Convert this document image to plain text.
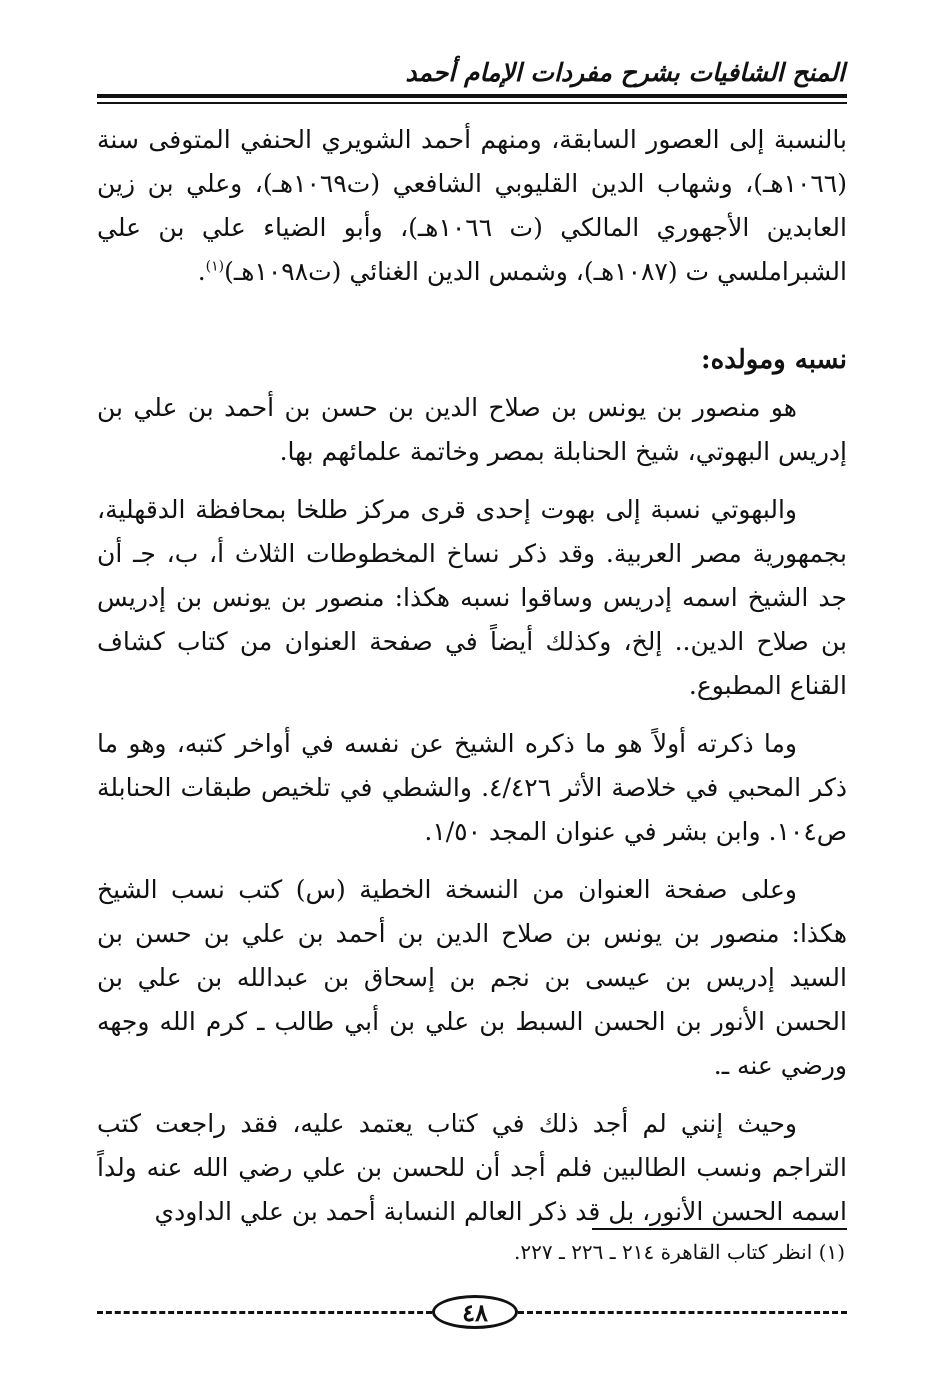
المنح الشافيات بشرح مفردات الإمام أحمد

بالنسبة إلى العصور السابقة، ومنهم أحمد الشويري الحنفي المتوفى سنة (١٠٦٦هـ)، وشهاب الدين القليوبي الشافعي (ت١٠٦٩هـ)، وعلي بن زين العابدين الأجهوري المالكي (ت ١٠٦٦هـ)، وأبو الضياء علي بن علي الشبراملسي ت (١٠٨٧هـ)، وشمس الدين الغنائي (ت١٠٩٨هـ)$^{(١)}$.

نسبه ومولده:

هو منصور بن يونس بن صلاح الدين بن حسن بن أحمد بن علي بن إدريس البهوتي، شيخ الحنابلة بمصر وخاتمة علمائهم بها.

والبهوتي نسبة إلى بهوت إحدى قرى مركز طلخا بمحافظة الدقهلية، بجمهورية مصر العربية. وقد ذكر نساخ المخطوطات الثلاث أ، ب، جـ أن جد الشيخ اسمه إدريس وساقوا نسبه هكذا: منصور بن يونس بن إدريس بن صلاح الدين.. إلخ، وكذلك أيضاً في صفحة العنوان من كتاب كشاف القناع المطبوع.

وما ذكرته أولاً هو ما ذكره الشيخ عن نفسه في أواخر كتبه، وهو ما ذكر المحبي في خلاصة الأثر ٤/٤٢٦. والشطي في تلخيص طبقات الحنابلة ص١٠٤. وابن بشر في عنوان المجد ١/٥٠.

وعلى صفحة العنوان من النسخة الخطية (س) كتب نسب الشيخ هكذا: منصور بن يونس بن صلاح الدين بن أحمد بن علي بن حسن بن السيد إدريس بن عيسى بن نجم بن إسحاق بن عبدالله بن علي بن الحسن الأنور بن الحسن السبط بن علي بن أبي طالب ـ كرم الله وجهه ورضي عنه ـ.

وحيث إنني لم أجد ذلك في كتاب يعتمد عليه، فقد راجعت كتب التراجم ونسب الطالبين فلم أجد أن للحسن بن علي رضي الله عنه ولداً اسمه الحسن الأنور، بل قد ذكر العالم النسابة أحمد بن علي الداودي

(١) انظر كتاب القاهرة ٢١٤ ـ ٢٢٦ ـ ٢٢٧.
٤٨
